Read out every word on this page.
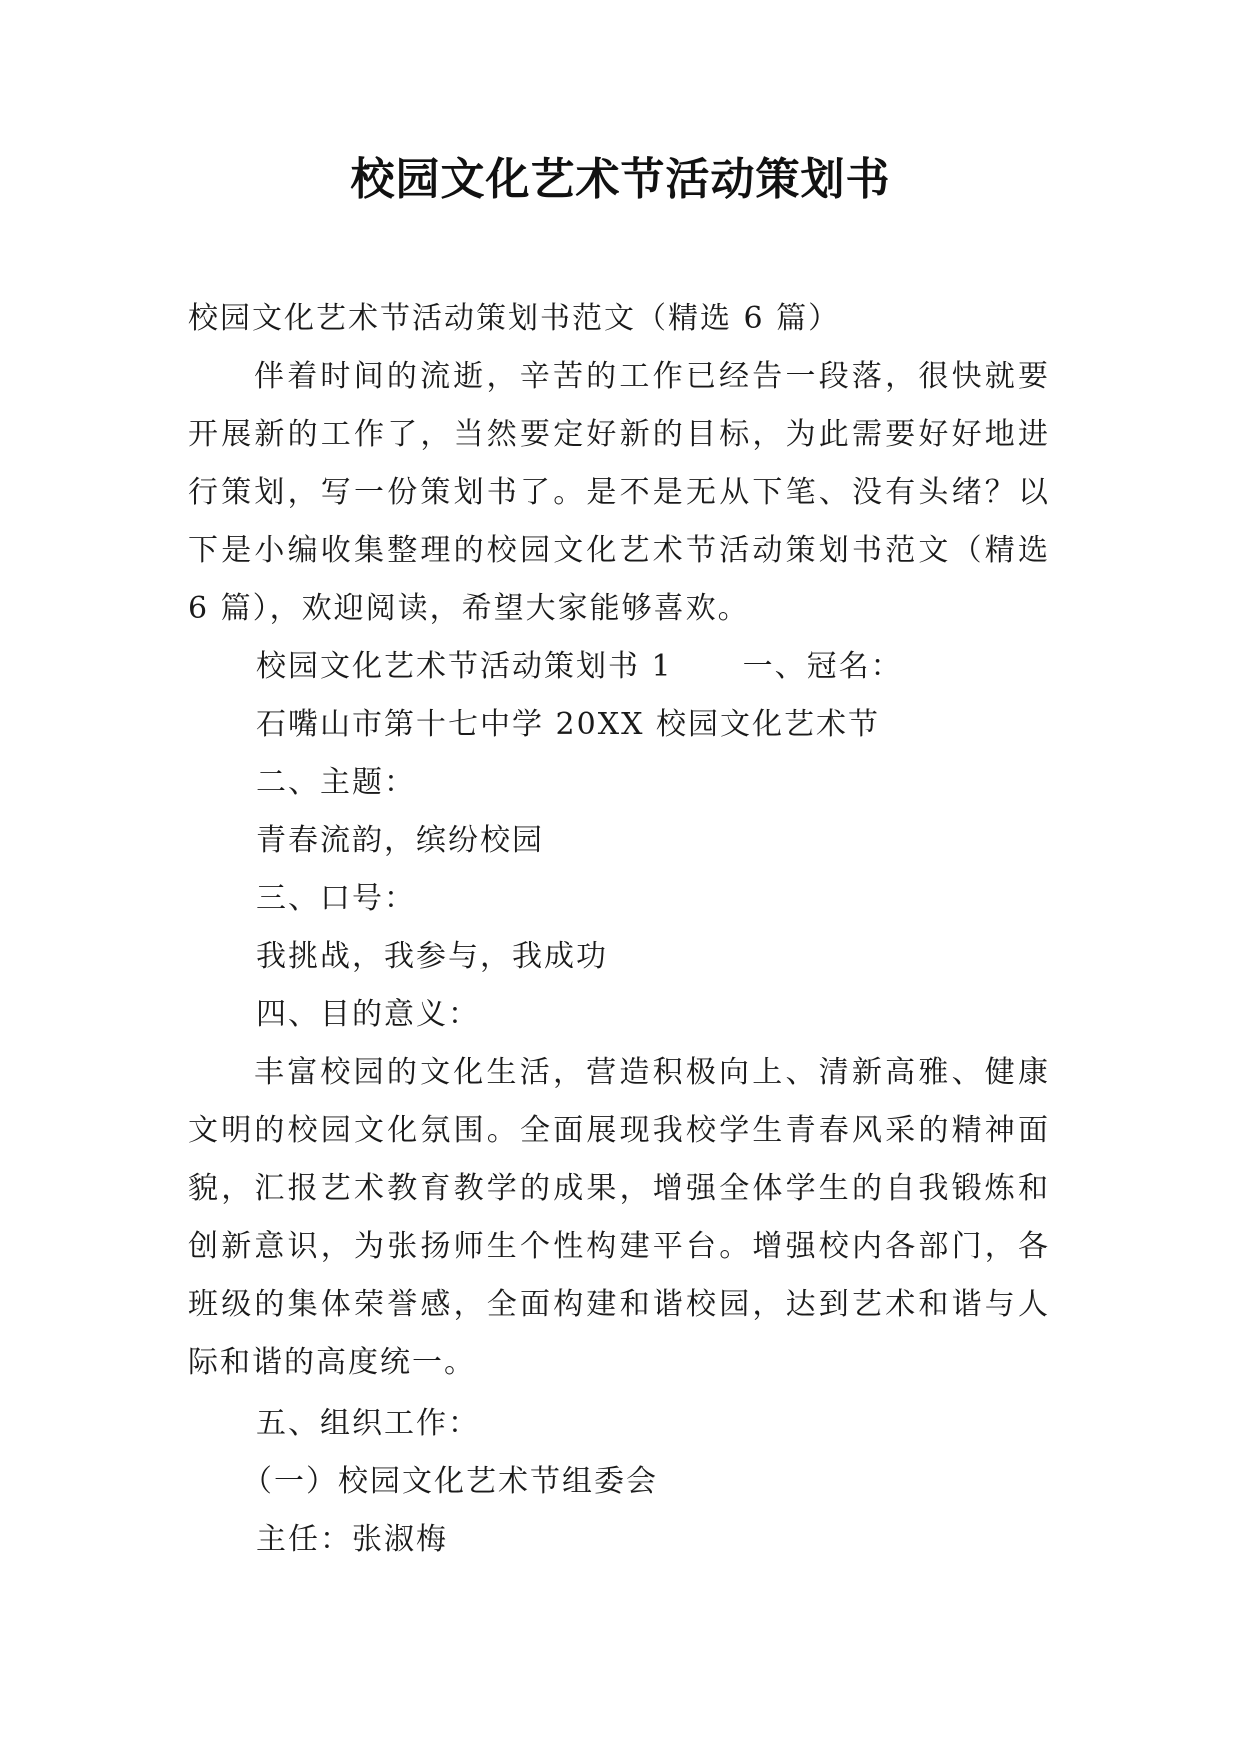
校园文化艺术节活动策划书

校园文化艺术节活动策划书范文（精选 6 篇）

伴着时间的流逝，辛苦的工作已经告一段落，很快就要开展新的工作了，当然要定好新的目标，为此需要好好地进行策划，写一份策划书了。是不是无从下笔、没有头绪？以下是小编收集整理的校园文化艺术节活动策划书范文（精选 6 篇），欢迎阅读，希望大家能够喜欢。

校园文化艺术节活动策划书 1 一、冠名：

石嘴山市第十七中学 20XX 校园文化艺术节

二、主题：

青春流韵，缤纷校园

三、口号：

我挑战，我参与，我成功

四、目的意义：

丰富校园的文化生活，营造积极向上、清新高雅、健康文明的校园文化氛围。全面展现我校学生青春风采的精神面貌，汇报艺术教育教学的成果，增强全体学生的自我锻炼和创新意识，为张扬师生个性构建平台。增强校内各部门，各班级的集体荣誉感，全面构建和谐校园，达到艺术和谐与人际和谐的高度统一。

五、组织工作：

（一）校园文化艺术节组委会

主任：张淑梅
